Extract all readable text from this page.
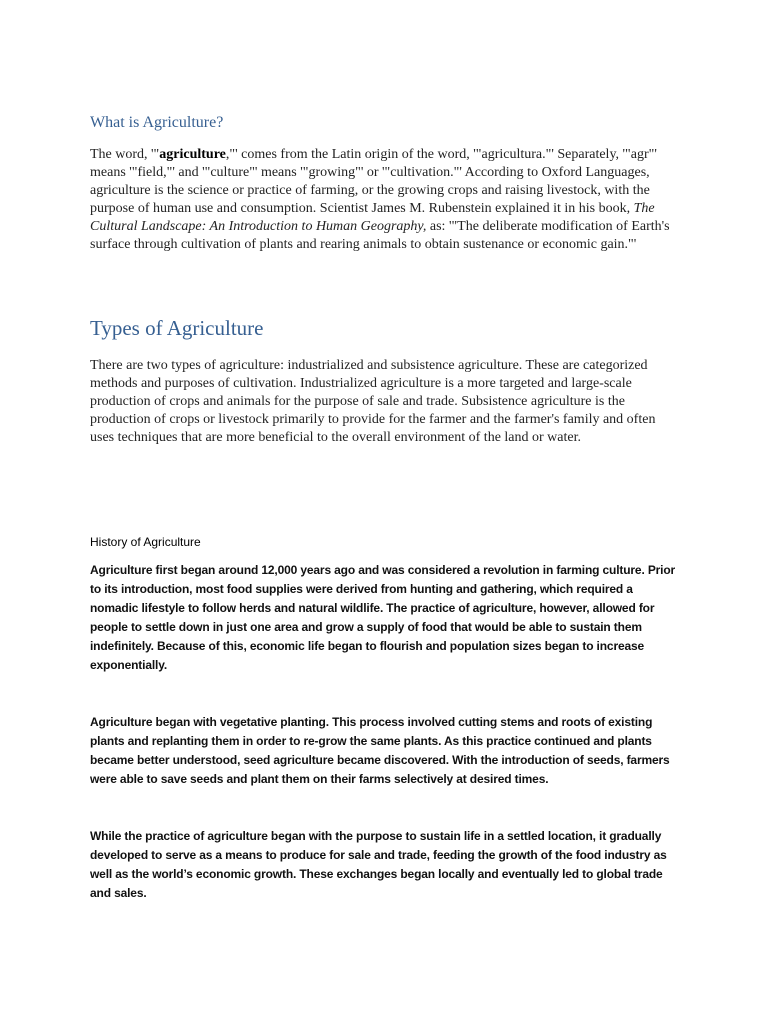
What is Agriculture?

The word, '"agriculture,"' comes from the Latin origin of the word, '"agricultura."' Separately, '"agr"' means '"field,"' and '"culture"' means '"growing"' or '"cultivation."' According to Oxford Languages, agriculture is the science or practice of farming, or the growing crops and raising livestock, with the purpose of human use and consumption. Scientist James M. Rubenstein explained it in his book, The Cultural Landscape: An Introduction to Human Geography, as: '"The deliberate modification of Earth's surface through cultivation of plants and rearing animals to obtain sustenance or economic gain."'

Types of Agriculture

There are two types of agriculture: industrialized and subsistence agriculture. These are categorized methods and purposes of cultivation. Industrialized agriculture is a more targeted and large-scale production of crops and animals for the purpose of sale and trade. Subsistence agriculture is the production of crops or livestock primarily to provide for the farmer and the farmer's family and often uses techniques that are more beneficial to the overall environment of the land or water.

History of Agriculture

Agriculture first began around 12,000 years ago and was considered a revolution in farming culture. Prior to its introduction, most food supplies were derived from hunting and gathering, which required a nomadic lifestyle to follow herds and natural wildlife. The practice of agriculture, however, allowed for people to settle down in just one area and grow a supply of food that would be able to sustain them indefinitely. Because of this, economic life began to flourish and population sizes began to increase exponentially.

Agriculture began with vegetative planting. This process involved cutting stems and roots of existing plants and replanting them in order to re-grow the same plants. As this practice continued and plants became better understood, seed agriculture became discovered. With the introduction of seeds, farmers were able to save seeds and plant them on their farms selectively at desired times.

While the practice of agriculture began with the purpose to sustain life in a settled location, it gradually developed to serve as a means to produce for sale and trade, feeding the growth of the food industry as well as the world’s economic growth. These exchanges began locally and eventually led to global trade and sales.
